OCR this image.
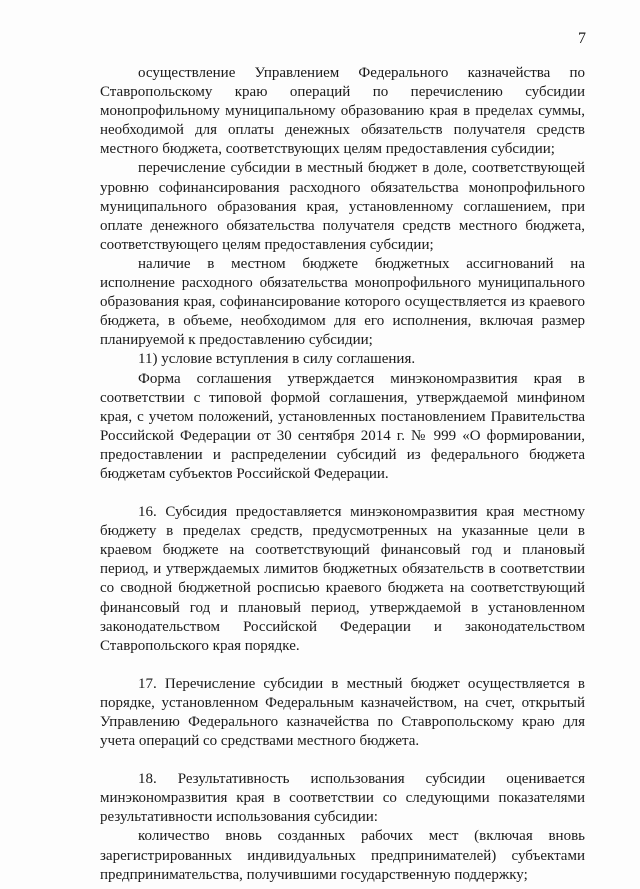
7

осуществление Управлением Федерального казначейства по Ставропольскому краю операций по перечислению субсидии монопрофильному муниципальному образованию края в пределах суммы, необходимой для оплаты денежных обязательств получателя средств местного бюджета, соответствующих целям предоставления субсидии;

перечисление субсидии в местный бюджет в доле, соответствующей уровню софинансирования расходного обязательства монопрофильного муниципального образования края, установленному соглашением, при оплате денежного обязательства получателя средств местного бюджета, соответствующего целям предоставления субсидии;

наличие в местном бюджете бюджетных ассигнований на исполнение расходного обязательства монопрофильного муниципального образования края, софинансирование которого осуществляется из краевого бюджета, в объеме, необходимом для его исполнения, включая размер планируемой к предоставлению субсидии;

11) условие вступления в силу соглашения.

Форма соглашения утверждается минэкономразвития края в соответствии с типовой формой соглашения, утверждаемой минфином края, с учетом положений, установленных постановлением Правительства Российской Федерации от 30 сентября 2014 г. № 999 «О формировании, предоставлении и распределении субсидий из федерального бюджета бюджетам субъектов Российской Федерации.

16. Субсидия предоставляется минэкономразвития края местному бюджету в пределах средств, предусмотренных на указанные цели в краевом бюджете на соответствующий финансовый год и плановый период, и утверждаемых лимитов бюджетных обязательств в соответствии со сводной бюджетной росписью краевого бюджета на соответствующий финансовый год и плановый период, утверждаемой в установленном законодательством Российской Федерации и законодательством Ставропольского края порядке.

17. Перечисление субсидии в местный бюджет осуществляется в порядке, установленном Федеральным казначейством, на счет, открытый Управлению Федерального казначейства по Ставропольскому краю для учета операций со средствами местного бюджета.

18. Результативность использования субсидии оценивается минэкономразвития края в соответствии со следующими показателями результативности использования субсидии:

количество вновь созданных рабочих мест (включая вновь зарегистрированных индивидуальных предпринимателей) субъектами предпринимательства, получившими государственную поддержку;
